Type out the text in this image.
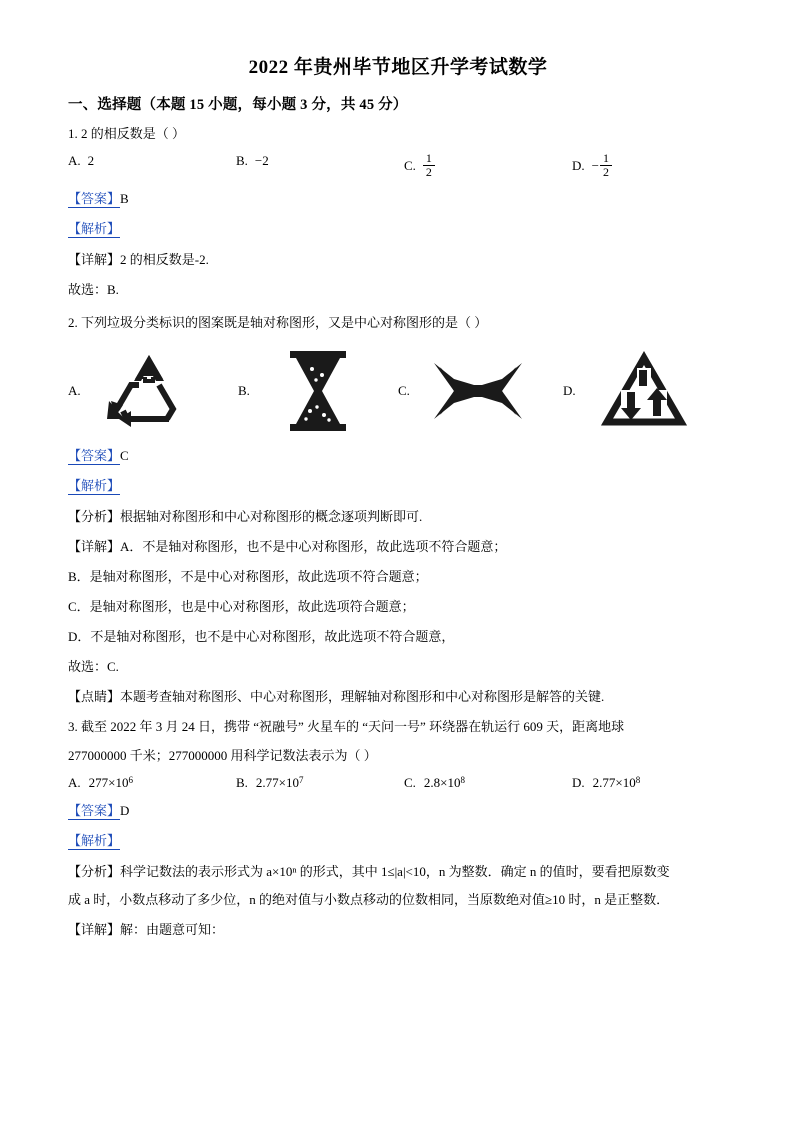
2022 年贵州毕节地区升学考试数学
一、选择题（本题 15 小题，每小题 3 分，共 45 分）
1. 2 的相反数是（ ）
A. 2	B. −2	C. $\frac{1}{2}$	D. − $\frac{1}{2}$
【答案】B
【解析】
【详解】2 的相反数是-2.
故选：B.
2. 下列垃圾分类标识的图案既是轴对称图形，又是中心对称图形的是（ ）
A.	B.	C.	D.
【答案】C
【解析】
【分析】根据轴对称图形和中心对称图形的概念逐项判断即可.
【详解】A．不是轴对称图形，也不是中心对称图形，故此选项不符合题意；
B．是轴对称图形，不是中心对称图形，故此选项不符合题意；
C．是轴对称图形，也是中心对称图形，故此选项符合题意；
D．不是轴对称图形，也不是中心对称图形，故此选项不符合题意，
故选：C.
【点睛】本题考查轴对称图形、中心对称图形，理解轴对称图形和中心对称图形是解答的关键.
3. 截至 2022 年 3 月 24 日，携带 “祝融号” 火星车的 “天问一号” 环绕器在轨运行 609 天，距离地球
277000000 千米；277000000 用科学记数法表示为（ ）
A. 277×10 6	B. 2.77×10 7	C. 2.8×10 8	D. 2.77×10 8
【答案】D
【解析】
【分析】科学记数法的表示形式为 a×10ⁿ 的形式，其中 1≤|a|<10，n 为整数．确定 n 的值时，要看把原数变
成 a 时，小数点移动了多少位，n 的绝对值与小数点移动的位数相同，当原数绝对值≥10 时，n 是正整数．
【详解】解：由题意可知：
